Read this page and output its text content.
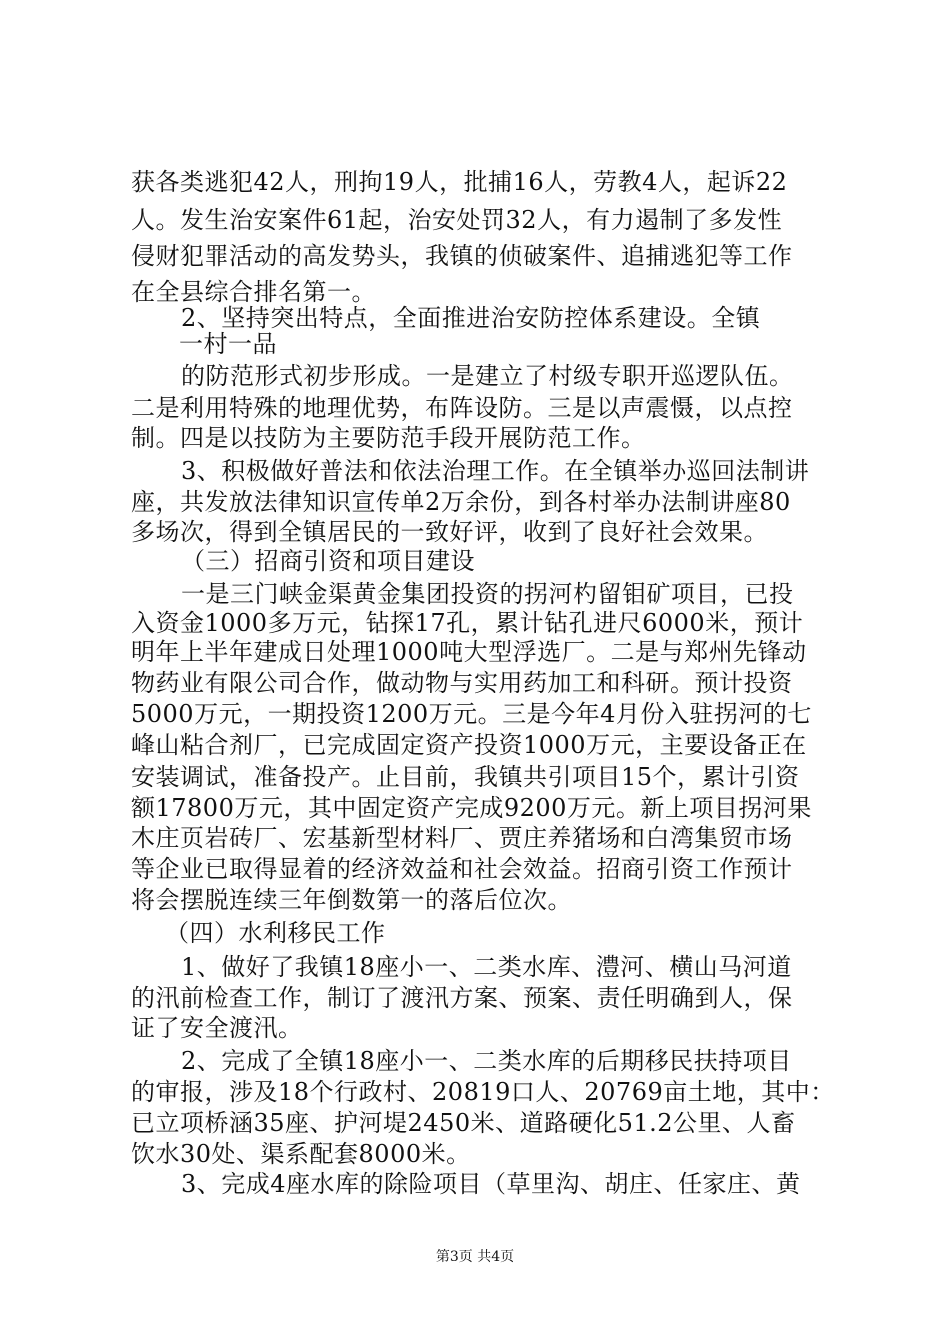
获各类逃犯42人，刑拘19人，批捕16人，劳教4人，起诉22
人。发生治安案件61起，治安处罚32人，有力遏制了多发性
侵财犯罪活动的高发势头，我镇的侦破案件、追捕逃犯等工作
在全县综合排名第一。
2、坚持突出特点，全面推进治安防控体系建设。全镇
一村一品
的防范形式初步形成。一是建立了村级专职开巡逻队伍。
二是利用特殊的地理优势，布阵设防。三是以声震慑，以点控
制。四是以技防为主要防范手段开展防范工作。
3、积极做好普法和依法治理工作。在全镇举办巡回法制讲
座，共发放法律知识宣传单2万余份，到各村举办法制讲座80
多场次，得到全镇居民的一致好评，收到了良好社会效果。
（三）招商引资和项目建设
一是三门峡金渠黄金集团投资的拐河杓留钼矿项目，已投
入资金1000多万元，钻探17孔，累计钻孔进尺6000米，预计
明年上半年建成日处理1000吨大型浮选厂。二是与郑州先锋动
物药业有限公司合作，做动物与实用药加工和科研。预计投资
5000万元，一期投资1200万元。三是今年4月份入驻拐河的七
峰山粘合剂厂，已完成固定资产投资1000万元，主要设备正在
安装调试，准备投产。止目前，我镇共引项目15个，累计引资
额17800万元，其中固定资产完成9200万元。新上项目拐河果
木庄页岩砖厂、宏基新型材料厂、贾庄养猪场和白湾集贸市场
等企业已取得显着的经济效益和社会效益。招商引资工作预计
将会摆脱连续三年倒数第一的落后位次。
（四）水利移民工作
1、做好了我镇18座小一、二类水库、澧河、横山马河道
的汛前检查工作，制订了渡汛方案、预案、责任明确到人，保
证了安全渡汛。
2、完成了全镇18座小一、二类水库的后期移民扶持项目
的审报，涉及18个行政村、20819口人、20769亩土地，其中：
已立项桥涵35座、护河堤2450米、道路硬化51.2公里、人畜
饮水30处、渠系配套8000米。
3、完成4座水库的除险项目（草里沟、胡庄、任家庄、黄
第3页 共4页
